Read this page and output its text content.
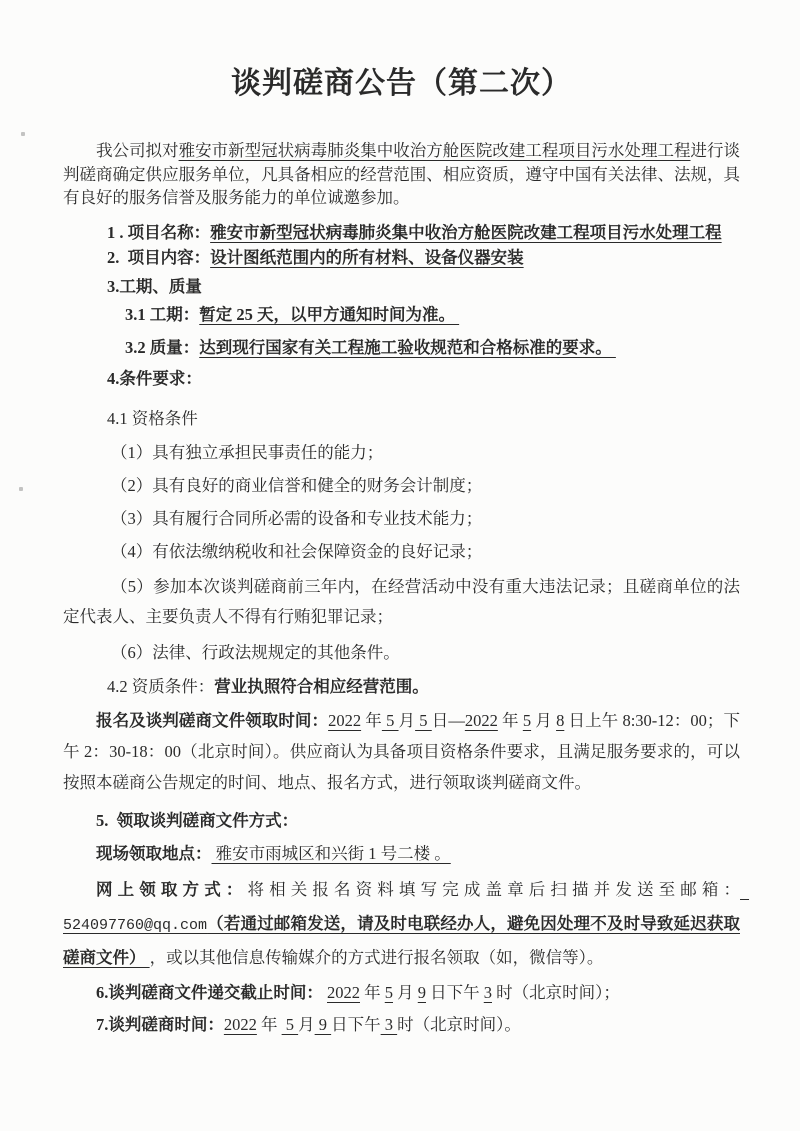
谈判磋商公告（第二次）

我公司拟对雅安市新型冠状病毒肺炎集中收治方舱医院改建工程项目污水处理工程进行谈判磋商确定供应服务单位，凡具备相应的经营范围、相应资质，遵守中国有关法律、法规，具有良好的服务信誉及服务能力的单位诚邀参加。

1 . 项目名称：雅安市新型冠状病毒肺炎集中收治方舱医院改建工程项目污水处理工程

2.  项目内容：设计图纸范围内的所有材料、设备仪器安装

3.工期、质量

3.1 工期：暂定 25 天，以甲方通知时间为准。

3.2 质量：达到现行国家有关工程施工验收规范和合格标准的要求。

4.条件要求：

4.1 资格条件

（1）具有独立承担民事责任的能力；

（2）具有良好的商业信誉和健全的财务会计制度；

（3）具有履行合同所必需的设备和专业技术能力；

（4）有依法缴纳税收和社会保障资金的良好记录；

（5）参加本次谈判磋商前三年内，在经营活动中没有重大违法记录；且磋商单位的法定代表人、主要负责人不得有行贿犯罪记录；

（6）法律、行政法规规定的其他条件。

4.2 资质条件：营业执照符合相应经营范围。

报名及谈判磋商文件领取时间：2022 年 5 月 5 日—2022 年 5 月 8 日上午 8:30-12：00；下午 2：30-18：00（北京时间）。供应商认为具备项目资格条件要求，且满足服务要求的，可以按照本磋商公告规定的时间、地点、报名方式，进行领取谈判磋商文件。

5.  领取谈判磋商文件方式：

现场领取地点： 雅安市雨城区和兴街 1 号二楼 。

网上领取方式：将相关报名资料填写完成盖章后扫描并发送至邮箱： 524097760@qq.com（若通过邮箱发送，请及时电联经办人，避免因处理不及时导致延迟获取磋商文件） ，或以其他信息传输媒介的方式进行报名领取（如，微信等）。

6.谈判磋商文件递交截止时间： 2022 年 5 月 9 日下午 3 时（北京时间）；

7.谈判磋商时间：2022 年  5 月 9 日下午 3 时（北京时间）。
